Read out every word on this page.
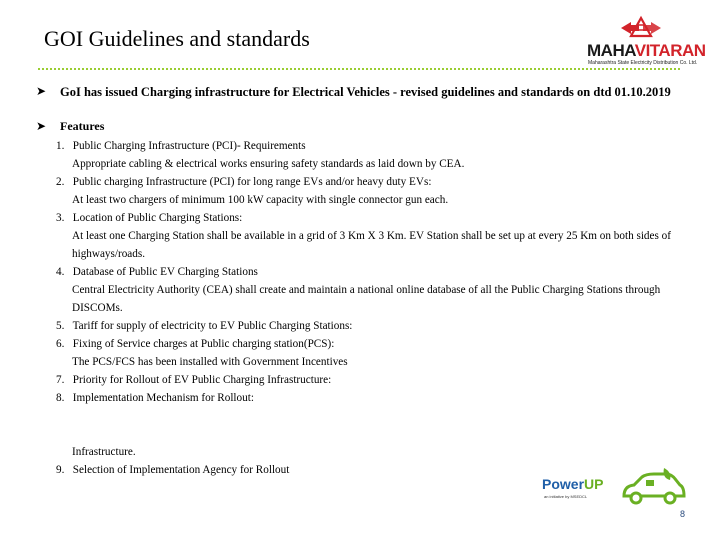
GOI Guidelines and standards	MAHAVITARAN
Maharashtra State Electricity Distribution Co. Ltd.
➤ GoI has issued Charging infrastructure for Electrical Vehicles - revised guidelines and standards on dtd 01.10.2019
➤ Features
1. Public Charging Infrastructure (PCI)- Requirements
Appropriate cabling & electrical works ensuring safety standards as laid down by CEA.
2. Public charging Infrastructure (PCI) for long range EVs and/or heavy duty EVs:
At least two chargers of minimum 100 kW capacity with single connector gun each.
3. Location of Public Charging Stations:
At least one Charging Station shall be available in a grid of 3 Km X 3 Km. EV Station shall be set up at every 25 Km on both sides of highways/roads.
4. Database of Public EV Charging Stations
Central Electricity Authority (CEA) shall create and maintain a national online database of all the Public Charging Stations through DISCOMs.
5. Tariff for supply of electricity to EV Public Charging Stations:
6. Fixing of Service charges at Public charging station(PCS):
The PCS/FCS has been installed with Government Incentives
7. Priority for Rollout of EV Public Charging Infrastructure:
8. Implementation Mechanism for Rollout:
Infrastructure.
9. Selection of Implementation Agency for Rollout
PowerUP
an initiative by MSEDCL
8
